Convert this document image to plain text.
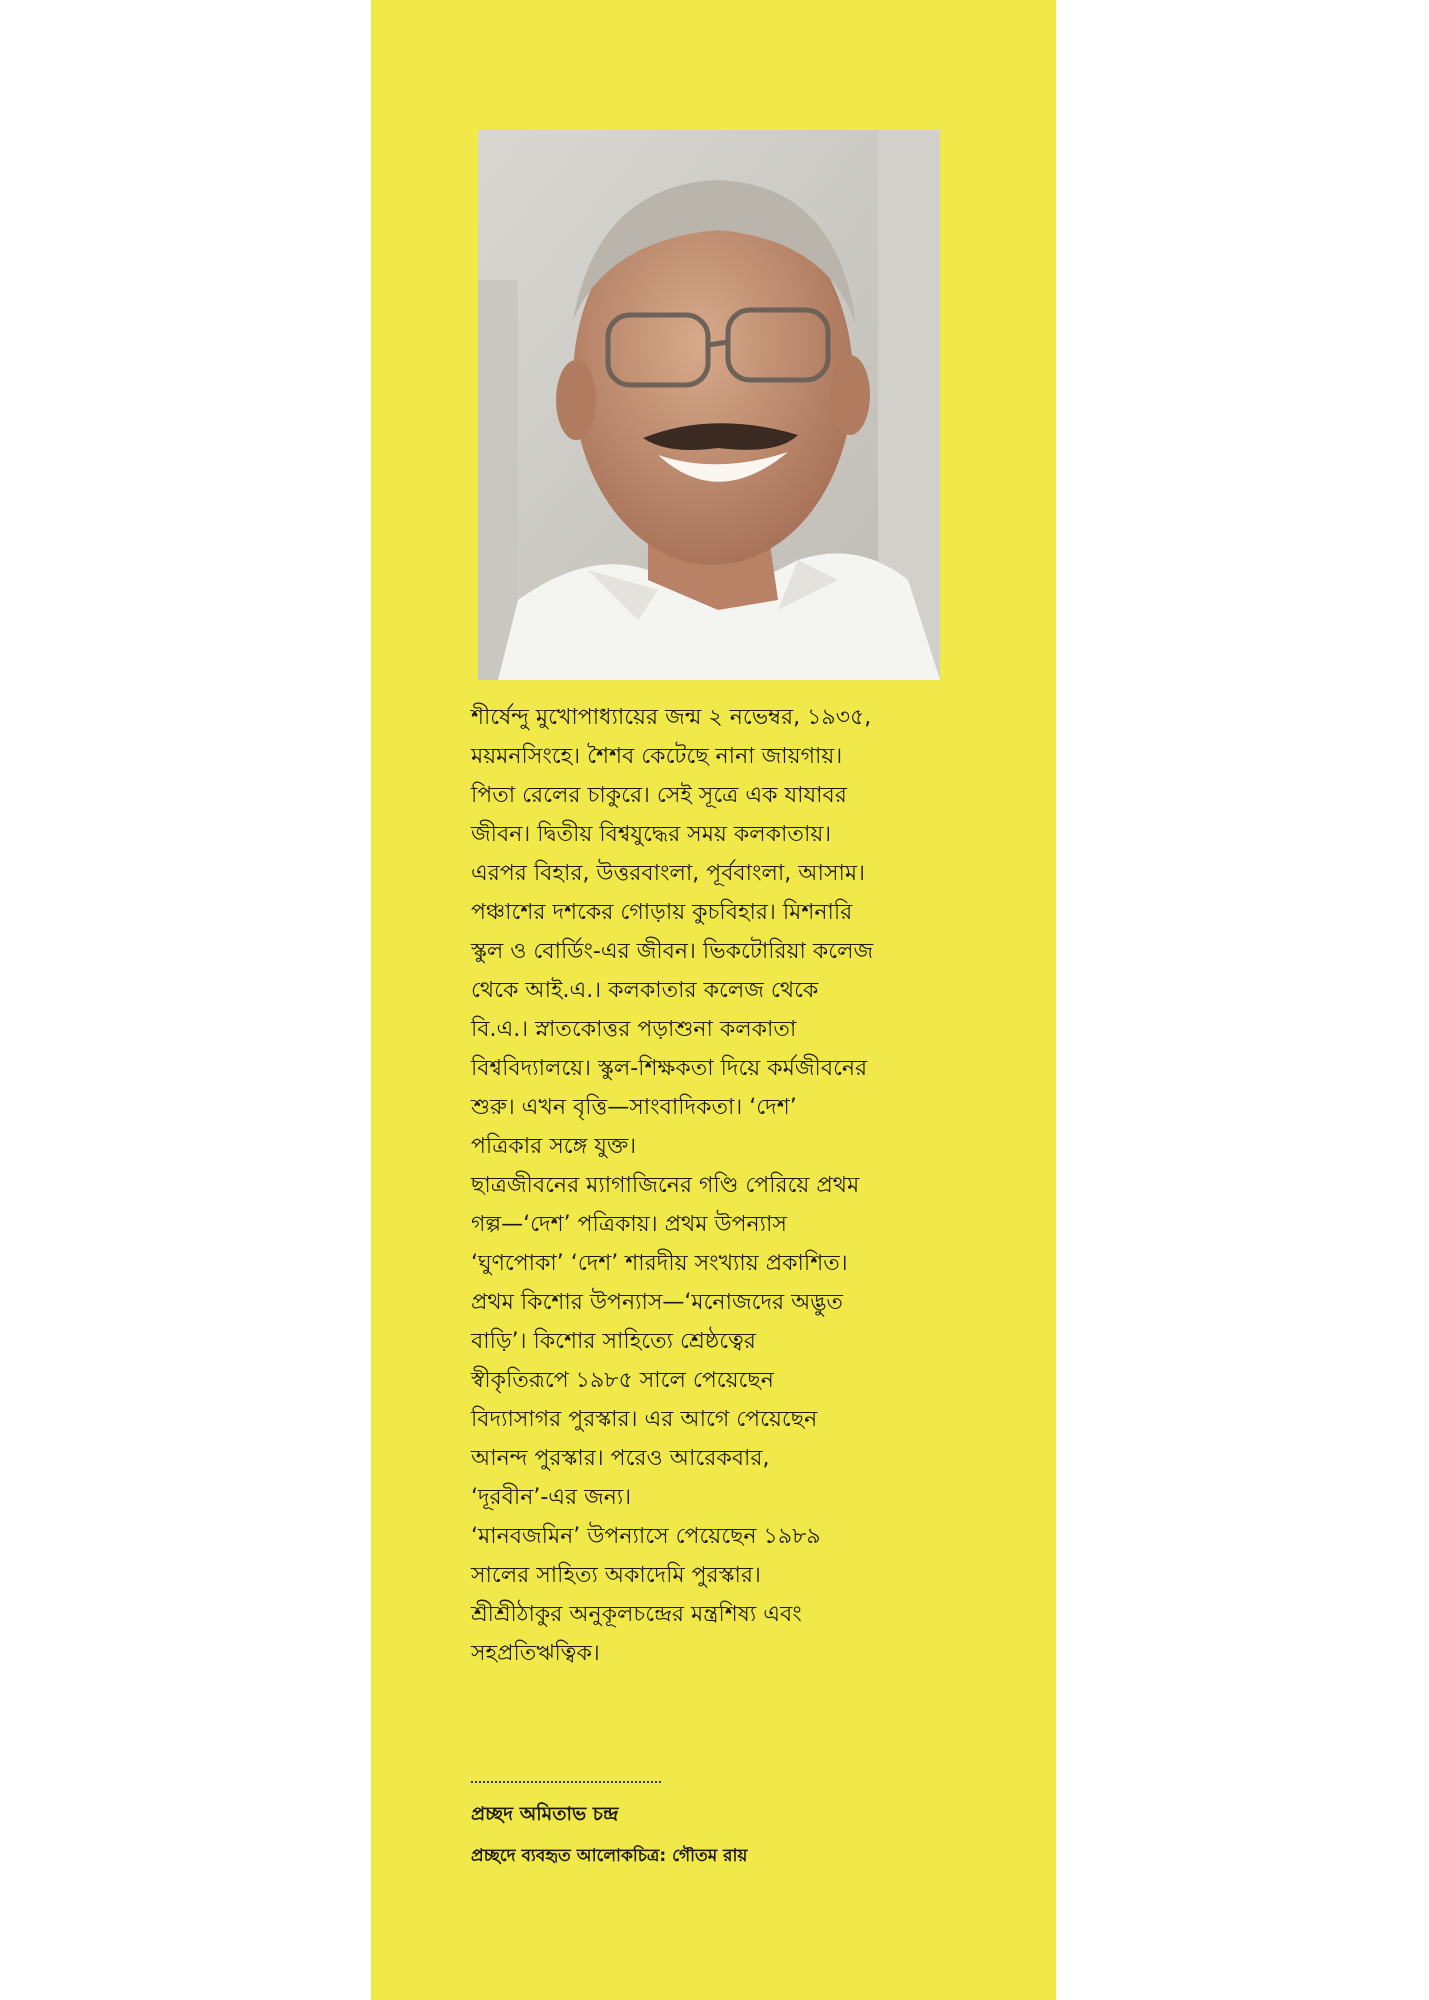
শীর্ষেন্দু মুখোপাধ্যায়ের জন্ম ২ নভেম্বর, ১৯৩৫,
ময়মনসিংহে। শৈশব কেটেছে নানা জায়গায়।
পিতা রেলের চাকুরে। সেই সূত্রে এক যাযাবর
জীবন। দ্বিতীয় বিশ্বযুদ্ধের সময় কলকাতায়।
এরপর বিহার, উত্তরবাংলা, পূর্ববাংলা, আসাম।
পঞ্চাশের দশকের গোড়ায় কুচবিহার। মিশনারি
স্কুল ও বোর্ডিং-এর জীবন। ভিকটোরিয়া কলেজ
থেকে আই.এ.। কলকাতার কলেজ থেকে
বি.এ.। স্নাতকোত্তর পড়াশুনা কলকাতা
বিশ্ববিদ্যালয়ে। স্কুল-শিক্ষকতা দিয়ে কর্মজীবনের
শুরু। এখন বৃত্তি—সাংবাদিকতা। ‘দেশ’
পত্রিকার সঙ্গে যুক্ত।
ছাত্রজীবনের ম্যাগাজিনের গণ্ডি পেরিয়ে প্রথম
গল্প—‘দেশ’ পত্রিকায়। প্রথম উপন্যাস
‘ঘুণপোকা’ ‘দেশ’ শারদীয় সংখ্যায় প্রকাশিত।
প্রথম কিশোর উপন্যাস—‘মনোজদের অদ্ভুত
বাড়ি’। কিশোর সাহিত্যে শ্রেষ্ঠত্বের
স্বীকৃতিরূপে ১৯৮৫ সালে পেয়েছেন
বিদ্যাসাগর পুরস্কার। এর আগে পেয়েছেন
আনন্দ পুরস্কার। পরেও আরেকবার,
‘দূরবীন’-এর জন্য।
‘মানবজমিন’ উপন্যাসে পেয়েছেন ১৯৮৯
সালের সাহিত্য অকাদেমি পুরস্কার।
শ্রীশ্রীঠাকুর অনুকূলচন্দ্রের মন্ত্রশিষ্য এবং
সহপ্রতিঋত্বিক।
প্রচ্ছদ অমিতাভ চন্দ্র
প্রচ্ছদে ব্যবহৃত আলোকচিত্র: গৌতম রায়
